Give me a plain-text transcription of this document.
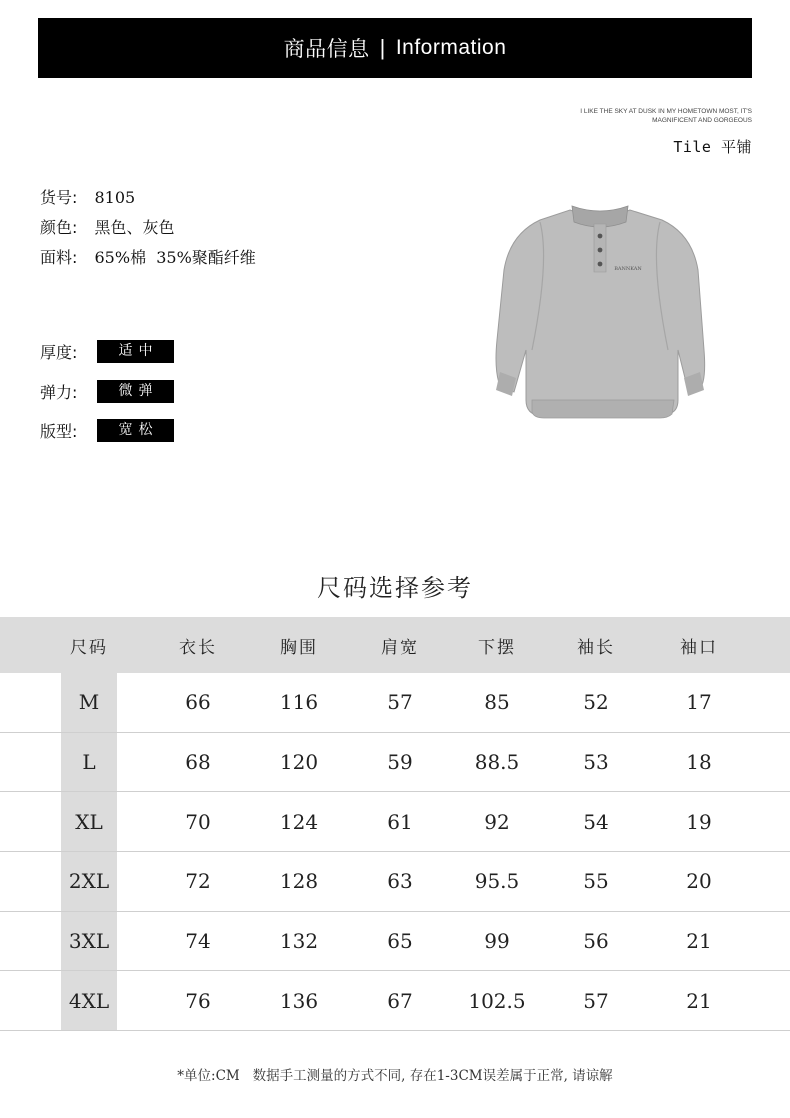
商品信息 | Information
I LIKE THE SKY AT DUSK IN MY HOMETOWN MOST, IT'S
MAGNIFICENT AND GORGEOUS
Tile 平铺
货号: 8105
颜色: 黑色、灰色
面料: 65%棉  35%聚酯纤维
厚度:	适中
弹力:	微弹
版型:	宽松
BANNKAN
尺码选择参考
尺码	衣长	胸围	肩宽	下摆	袖长	袖口
M	66	116	57	85	52	17
L	68	120	59	88.5	53	18
XL	70	124	61	92	54	19
2XL	72	128	63	95.5	55	20
3XL	74	132	65	99	56	21
4XL	76	136	67	102.5	57	21
*单位:CM   数据手工测量的方式不同, 存在1-3CM误差属于正常, 请谅解
